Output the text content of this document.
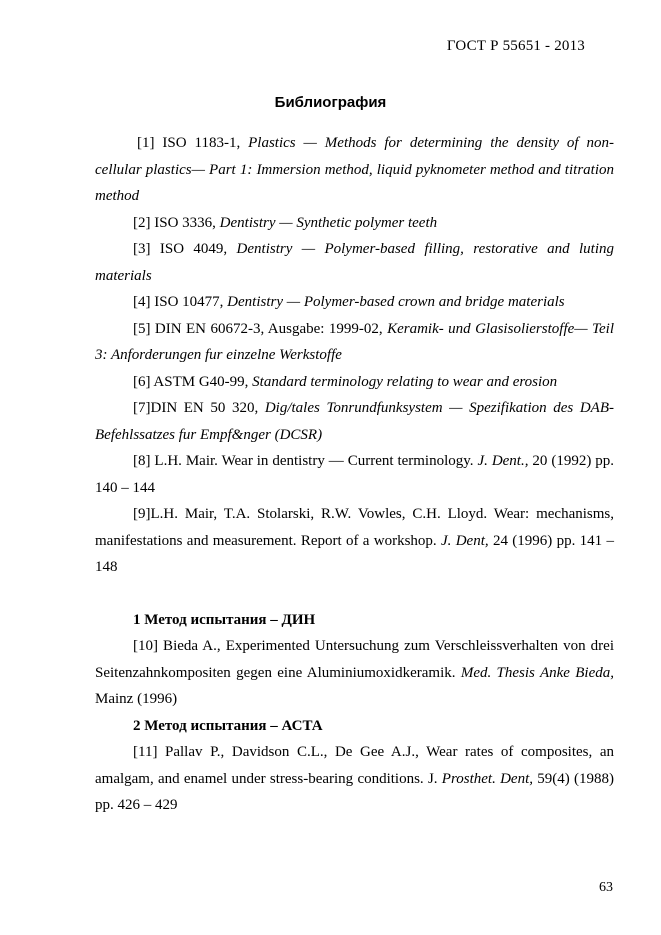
ГОСТ Р 55651 - 2013
Библиография

[1] ISO 1183-1, Plastics — Methods for determining the density of non-cellular plastics— Part 1: Immersion method, liquid pyknometer method and titration method

[2] ISO 3336, Dentistry — Synthetic polymer teeth

[3] ISO 4049, Dentistry — Polymer-based filling, restorative and luting materials

[4] ISO 10477, Dentistry — Polymer-based crown and bridge materials

[5] DIN EN 60672-3, Ausgabe: 1999-02, Keramik- und Glasisolierstoffe— Teil 3: Anforderungen fur einzelne Werkstoffe

[6] ASTM G40-99, Standard terminology relating to wear and erosion

[7]DIN EN 50 320, Dig/tales Tonrundfunksystem — Spezifikation des DAB-Befehlssatzes fur Empf&nger (DCSR)

[8] L.H. Mair. Wear in dentistry — Current terminology. J. Dent., 20 (1992) pp. 140 – 144

[9]L.H. Mair, T.A. Stolarski, R.W. Vowles, C.H. Lloyd. Wear: mechanisms, manifestations and measurement. Report of a workshop. J. Dent, 24 (1996) pp. 141 – 148

1 Метод испытания – ДИН

[10] Bieda A., Experimented Untersuchung zum Verschleissverhalten von drei Seitenzahnkompositen gegen eine Aluminiumoxidkeramik. Med. Thesis Anke Bieda, Mainz (1996)

2 Метод испытания – АСТА

[11] Pallav P., Davidson C.L., De Gee A.J., Wear rates of composites, an amalgam, and enamel under stress-bearing conditions. J. Prosthet. Dent, 59(4) (1988) pp. 426 – 429

63
